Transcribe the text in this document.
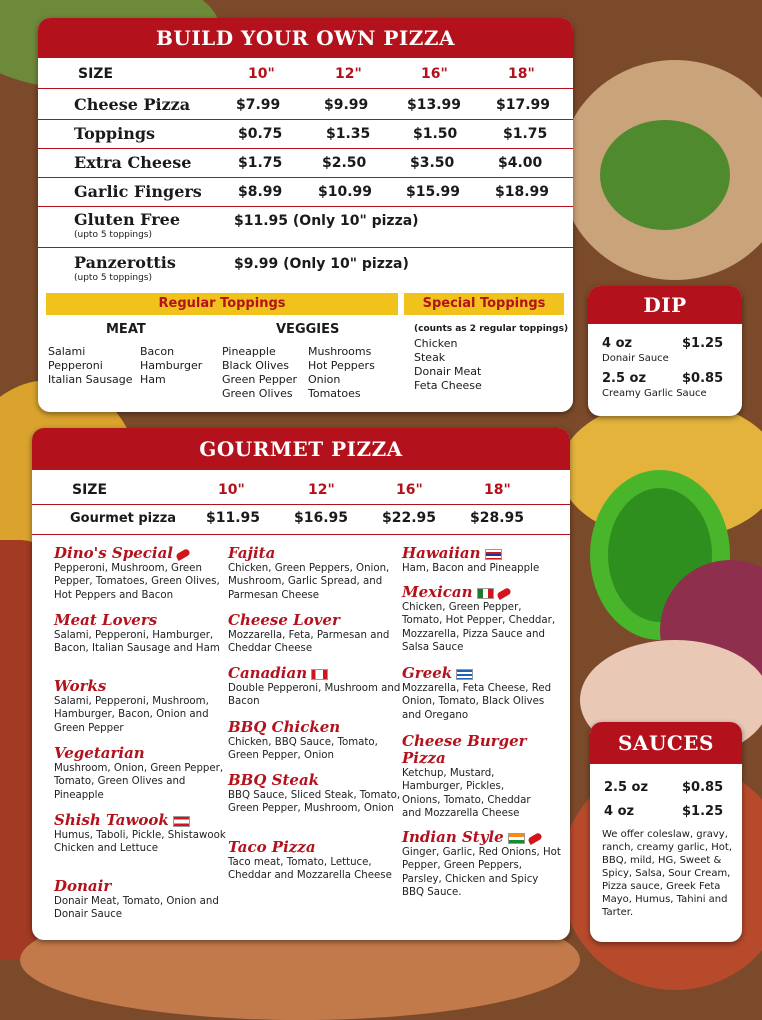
BUILD YOUR OWN PIZZA
SIZE	10"	12"	16"	18"
Cheese Pizza	$7.99	$9.99	$13.99 $17.99
Toppings	$0.75	$1.35	$1.50	$1.75
Extra Cheese	$1.75	$2.50	$3.50	$4.00
Garlic Fingers	$8.99	$10.99 $15.99 $18.99
Gluten Free
(upto 5 toppings)
$11.95 (Only 10" pizza)
Panzerottis
(upto 5 toppings)
$9.99 (Only 10" pizza)
Regular Toppings	Special Toppings
MEAT	VEGGIES
Salami
Pepperoni
Italian Sausage
Bacon
Hamburger
Ham
Pineapple
Black Olives
Green Pepper
Green Olives
Mushrooms
Hot Peppers
Onion
Tomatoes
(counts as 2 regular toppings)
Chicken
Steak
Donair Meat
Feta Cheese
DIP
4 oz	$1.25
Donair Sauce
2.5 oz	$0.85
Creamy Garlic Sauce
GOURMET PIZZA
SIZE	10"	12"	16"	18"
Gourmet pizza $11.95 $16.95 $22.95 $28.95
Dino's Special
Pepperoni, Mushroom, Green Pepper, Tomatoes, Green Olives, Hot Peppers and Bacon
Meat Lovers
Salami, Pepperoni, Hamburger, Bacon, Italian Sausage and Ham
Works
Salami, Pepperoni, Mushroom, Hamburger, Bacon, Onion and Green Pepper
Vegetarian
Mushroom, Onion, Green Pepper, Tomato, Green Olives and Pineapple
Shish Tawook
Humus, Taboli, Pickle, Shistawook Chicken and Lettuce
Donair
Donair Meat, Tomato, Onion and Donair Sauce
Fajita
Chicken, Green Peppers, Onion, Mushroom, Garlic Spread, and Parmesan Cheese
Cheese Lover
Mozzarella, Feta, Parmesan and Cheddar Cheese
Canadian
Double Pepperoni, Mushroom and Bacon
BBQ Chicken
Chicken, BBQ Sauce, Tomato, Green Pepper, Onion
BBQ Steak
BBQ Sauce, Sliced Steak, Tomato, Green Pepper, Mushroom, Onion
Taco Pizza
Taco meat, Tomato, Lettuce, Cheddar and Mozzarella Cheese
Hawaiian
Ham, Bacon and Pineapple
Mexican
Chicken, Green Pepper, Tomato, Hot Pepper, Cheddar, Mozzarella, Pizza Sauce and Salsa Sauce
Greek
Mozzarella, Feta Cheese, Red Onion, Tomato, Black Olives and Oregano
Cheese Burger Pizza
Ketchup, Mustard, Hamburger, Pickles, Onions, Tomato, Cheddar and Mozzarella Cheese
Indian Style
Ginger, Garlic, Red Onions, Hot Pepper, Green Peppers, Parsley, Chicken and Spicy BBQ Sauce.
SAUCES
2.5 oz	$0.85
4 oz	$1.25
We offer coleslaw, gravy, ranch, creamy garlic, Hot, BBQ, mild, HG, Sweet & Spicy, Salsa, Sour Cream, Pizza sauce, Greek Feta Mayo, Humus, Tahini and Tarter.
